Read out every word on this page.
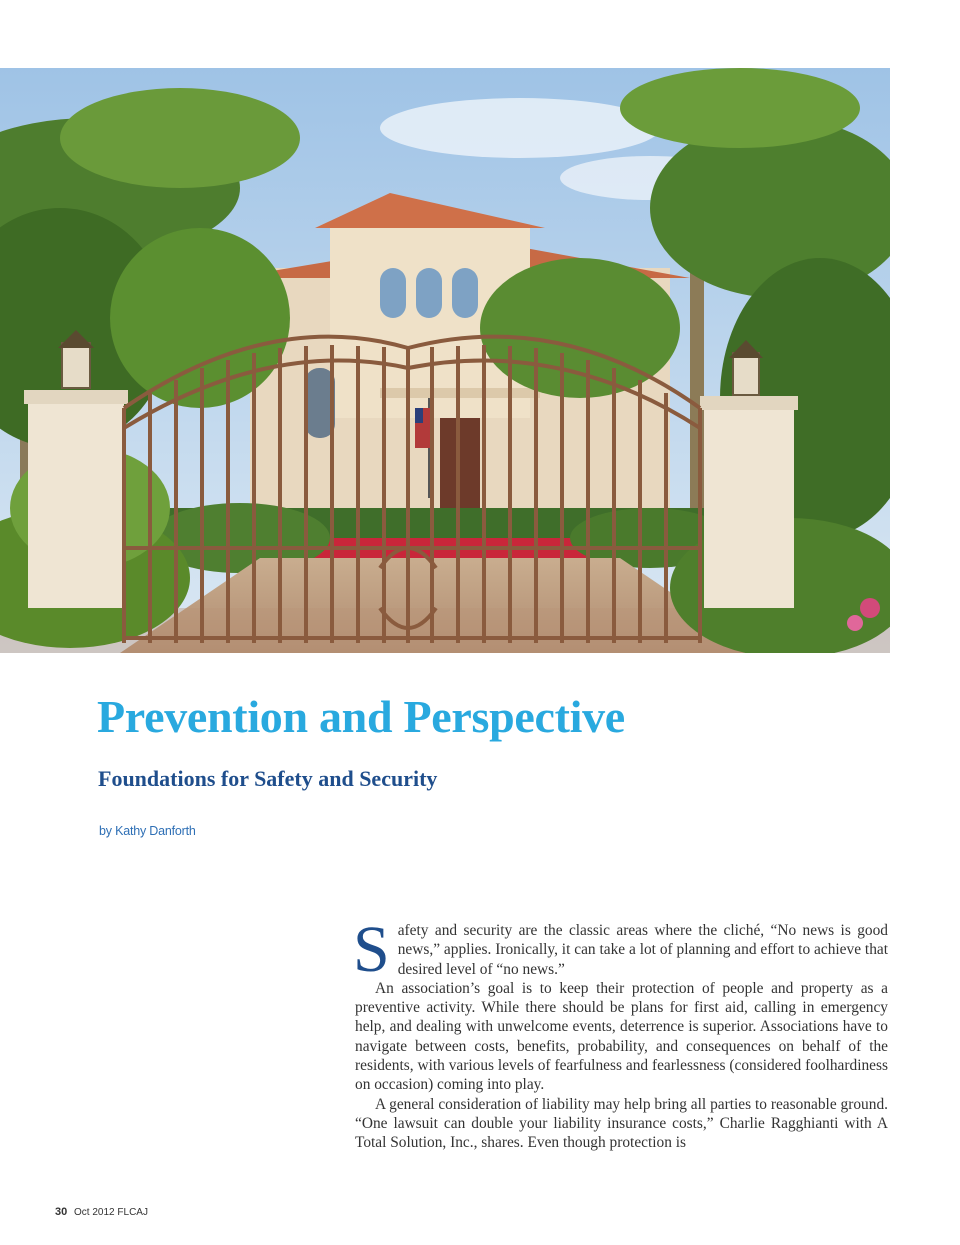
Prevention and Perspective
Foundations for Safety and Security
by Kathy Danforth

Safety and security are the classic areas where the cliché, “No news is good news,” applies. Ironically, it can take a lot of planning and effort to achieve that desired level of “no news.”

An association’s goal is to keep their protection of people and property as a preventive activity. While there should be plans for first aid, calling in emergency help, and dealing with unwelcome events, deterrence is superior. Associations have to navigate between costs, benefits, probability, and consequences on behalf of the residents, with various levels of fearfulness and fearlessness (considered foolhardiness on occasion) coming into play.

A general consideration of liability may help bring all parties to reasonable ground. “One lawsuit can double your liability insurance costs,” Charlie Ragghianti with A Total Solution, Inc., shares. Even though protection is

30 Oct 2012 FLCAJ
